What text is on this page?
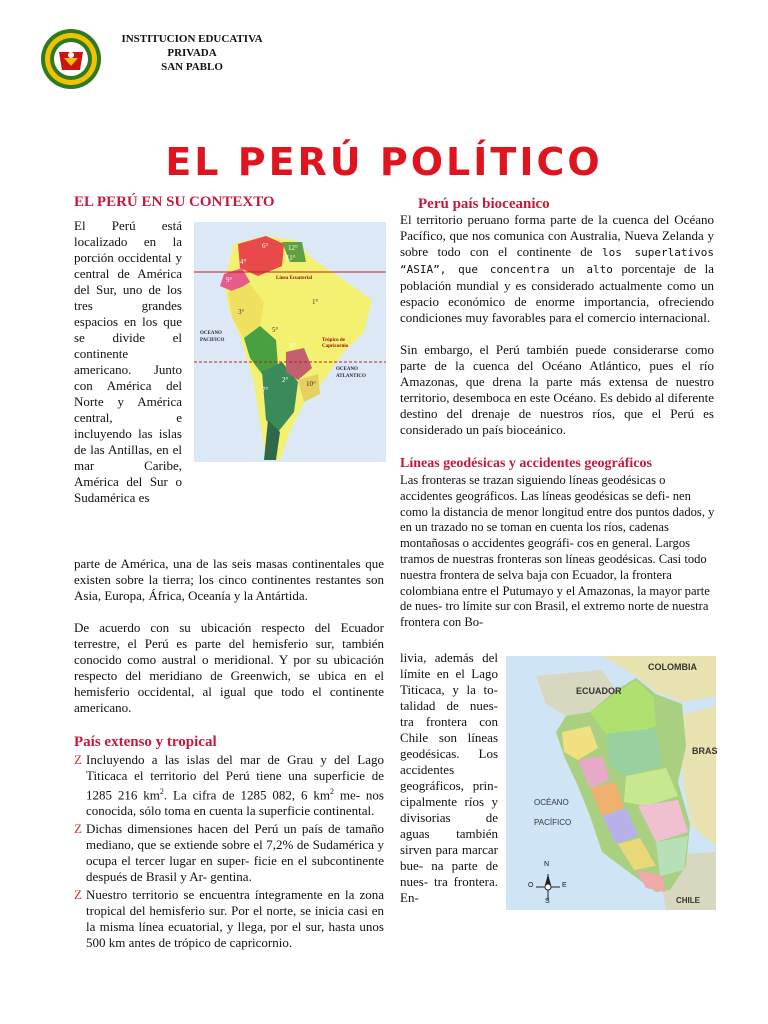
INSTITUCION EDUCATIVA
PRIVADA
SAN PABLO
EL PERÚ POLÍTICO
EL PERÚ EN SU CONTEXTO
El Perú está localizado en la porción occidental y central de América del Sur, uno de los tres grandes espacios en los que se divide el continente americano. Junto con América del Norte y América central, e incluyendo las islas de las Antillas, en el mar Caribe, América del Sur o Sudamérica es
6°	12°
11°
4°
9°	Línea Ecuatorial
1°
3°
5°
OCEANO PACIFICO	Trópico de Capricornio
8°
OCEANO ATLANTICO
2°	10°
7°
parte de América, una de las seis masas continentales que existen sobre la tierra; los cinco continentes restantes son Asia, Europa, África, Oceanía y la Antártida.
De acuerdo con su ubicación respecto del Ecuador terrestre, el Perú es parte del hemisferio sur, también conocido como austral o meridional. Y por su ubicación respecto del meridiano de Greenwich, se ubica en el hemisferio occidental, al igual que todo el continente americano.
País extenso y tropical
Z Incluyendo a las islas del mar de Grau y del Lago Titicaca el territorio del Perú tiene una superficie de 1285 216 $km^2$. La cifra de 1285 082, 6 $km^2$ me- nos conocida, sólo toma en cuenta la superficie continental.
Z Dichas dimensiones hacen del Perú un país de tamaño mediano, que se extiende sobre el 7,2% de Sudamérica y ocupa el tercer lugar en super- ficie en el subcontinente después de Brasil y Ar- gentina.
Z Nuestro territorio se encuentra íntegramente en la zona tropical del hemisferio sur. Por el norte, se inicia casi en la misma línea ecuatorial, y llega, por el sur, hasta unos 500 km antes de trópico de capricornio.
Perú país bioceanico
El territorio peruano forma parte de la cuenca del Océano Pacífico, que nos comunica con Australia, Nueva Zelanda y sobre todo con el continente de los superlativos “ASIA”, que concentra un alto porcentaje de la población mundial y es considerado actualmente como un espacio económico de enorme importancia, ofreciendo condiciones muy favorables para el comercio internacional.
Sin embargo, el Perú también puede considerarse como parte de la cuenca del Océano Atlántico, pues el río Amazonas, que drena la parte más extensa de nuestro territorio, desemboca en este Océano. Es debido al diferente destino del drenaje de nuestros ríos, que el Perú es considerado un país bioceánico.
Líneas geodésicas y accidentes geográficos
Las fronteras se trazan siguiendo líneas geodésicas o accidentes geográficos. Las líneas geodésicas se defi- nen como la distancia de menor longitud entre dos puntos dados, y en un trazado no se toman en cuenta los ríos, cadenas montañosas o accidentes geográfi- cos en general. Largos tramos de nuestras fronteras son líneas geodésicas. Casi todo nuestra frontera de selva baja con Ecuador, la frontera colombiana entre el Putumayo y el Amazonas, la mayor parte de nues- tro límite sur con Brasil, el extremo norte de nuestra frontera con Bo-
livia, además del límite en el Lago Titicaca, y la to- talidad de nues- tra frontera con Chile son líneas geodésicas. Los accidentes geográficos, prin- cipalmente ríos y divisorias de aguas también sirven para marcar bue- na parte de nues- tra frontera. En-
COLOMBIA
ECUADOR
BRAS
OCÉANO
PACÍFICO
CHILE
N
S
E
O
